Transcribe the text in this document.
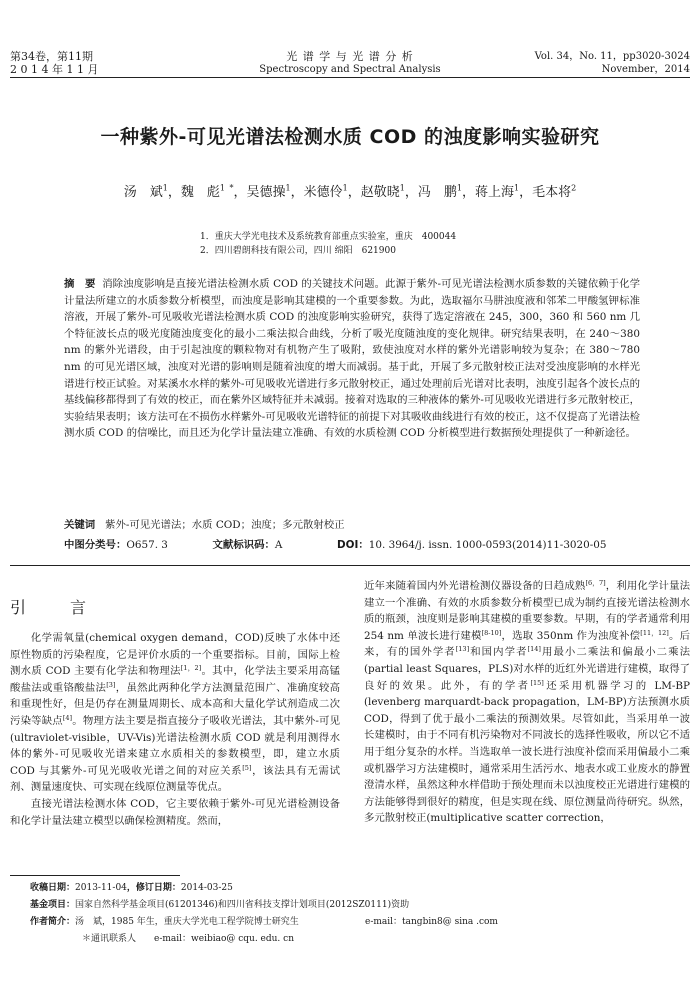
第34卷，第11期
2 0 1 4 年 1 1 月
光 谱 学 与 光 谱 分 析
Spectroscopy and Spectral Analysis
Vol. 34，No. 11，pp3020-3024
November，2014
一种紫外-可见光谱法检测水质 COD 的浊度影响实验研究
汤　斌$^1$，魏　彪$^{1 *}$，吴德操$^1$，米德伶$^1$，赵敬晓$^1$，冯　鹏$^1$，蒋上海$^1$，毛本将$^2$
1．重庆大学光电技术及系统教育部重点实验室，重庆　400044
2．四川碧朗科技有限公司，四川 绵阳　621900
摘　要 消除浊度影响是直接光谱法检测水质 COD 的关键技术问题。此源于紫外-可见光谱法检测水质参数的关键依赖于化学计量法所建立的水质参数分析模型，而浊度是影响其建模的一个重要参数。为此，选取福尔马肼浊度液和邻苯二甲酸氢钾标准溶液，开展了紫外-可见吸收光谱法检测水质 COD 的浊度影响实验研究，获得了选定溶液在 245，300，360 和 560 nm 几个特征波长点的吸光度随浊度变化的最小二乘法拟合曲线，分析了吸光度随浊度的变化规律。研究结果表明，在 240～380 nm 的紫外光谱段，由于引起浊度的颗粒物对有机物产生了吸附，致使浊度对水样的紫外光谱影响较为复杂；在 380～780 nm 的可见光谱区域，浊度对光谱的影响则是随着浊度的增大而减弱。基于此，开展了多元散射校正法对受浊度影响的水样光谱进行校正试验。对某溪水水样的紫外-可见吸收光谱进行多元散射校正，通过处理前后光谱对比表明，浊度引起各个波长点的基线偏移都得到了有效的校正，而在紫外区域特征并未减弱。接着对选取的三种液体的紫外-可见吸收光谱进行多元散射校正，实验结果表明；该方法可在不损伤水样紫外-可见吸收光谱特征的前提下对其吸收曲线进行有效的校正，这不仅提高了光谱法检测水质 COD 的信噪比，而且还为化学计量法建立准确、有效的水质检测 COD 分析模型进行数据预处理提供了一种新途径。
关键词 紫外-可见光谱法；水质 COD；浊度；多元散射校正
中图分类号：O657. 3	文献标识码：A	DOI：10. 3964/j. issn. 1000-0593(2014)11-3020-05
引　言
化学需氧量(chemical oxygen demand，COD)反映了水体中还原性物质的污染程度，它是评价水质的一个重要指标。目前，国际上检测水质 COD 主要有化学法和物理法[1，2]。其中，化学法主要采用高锰酸盐法或重铬酸盐法[3]，虽然此两种化学方法测量范围广、准确度较高和重现性好，但是仍存在测量周期长、成本高和大量化学试剂造成二次污染等缺点[4]。物理方法主要是指直接分子吸收光谱法，其中紫外-可见(ultraviolet-visible，UV-Vis)光谱法检测水质 COD 就是利用测得水体的紫外-可见吸收光谱来建立水质相关的参数模型，即，建立水质 COD 与其紫外-可见光吸收光谱之间的对应关系[5]，该法具有无需试剂、测量速度快、可实现在线原位测量等优点。
直接光谱法检测水体 COD，它主要依赖于紫外-可见光谱检测设备和化学计量法建立模型以确保检测精度。然而，
近年来随着国内外光谱检测仪器设备的日趋成熟[6，7]，利用化学计量法建立一个准确、有效的水质参数分析模型已成为制约直接光谱法检测水质的瓶颈，浊度则是影响其建模的重要参数。早期，有的学者通常利用 254 nm 单波长进行建模[8-10]，选取 350nm 作为浊度补偿[11，12]。后来，有的国外学者[13]和国内学者[14]用最小二乘法和偏最小二乘法(partial least Squares，PLS)对水样的近红外光谱进行建模，取得了良好的效果。此外，有的学者[15]还采用机器学习的 LM-BP (levenberg marquardt-back propagation，LM-BP)方法预测水质 COD，得到了优于最小二乘法的预测效果。尽管如此，当采用单一波长建模时，由于不同有机污染物对不同波长的选择性吸收，所以它不适用于组分复杂的水样。当选取单一波长进行浊度补偿而采用偏最小二乘或机器学习方法建模时，通常采用生活污水、地表水或工业废水的静置澄清水样，虽然这种水样借助于预处理而未以浊度校正光谱进行建模的方法能够得到很好的精度，但是实现在线、原位测量尚待研究。纵然，多元散射校正(multiplicative scatter correction，
收稿日期：2013-11-04，修订日期：2014-03-25
基金项目：国家自然科学基金项目(61201346)和四川省科技支撑计划项目(2012SZ0111)资助
作者简介：汤　斌，1985 年生，重庆大学光电工程学院博士研究生	e-mail：tangbin8@ sina .com
＊通讯联系人 e-mail：weibiao@ cqu. edu. cn
